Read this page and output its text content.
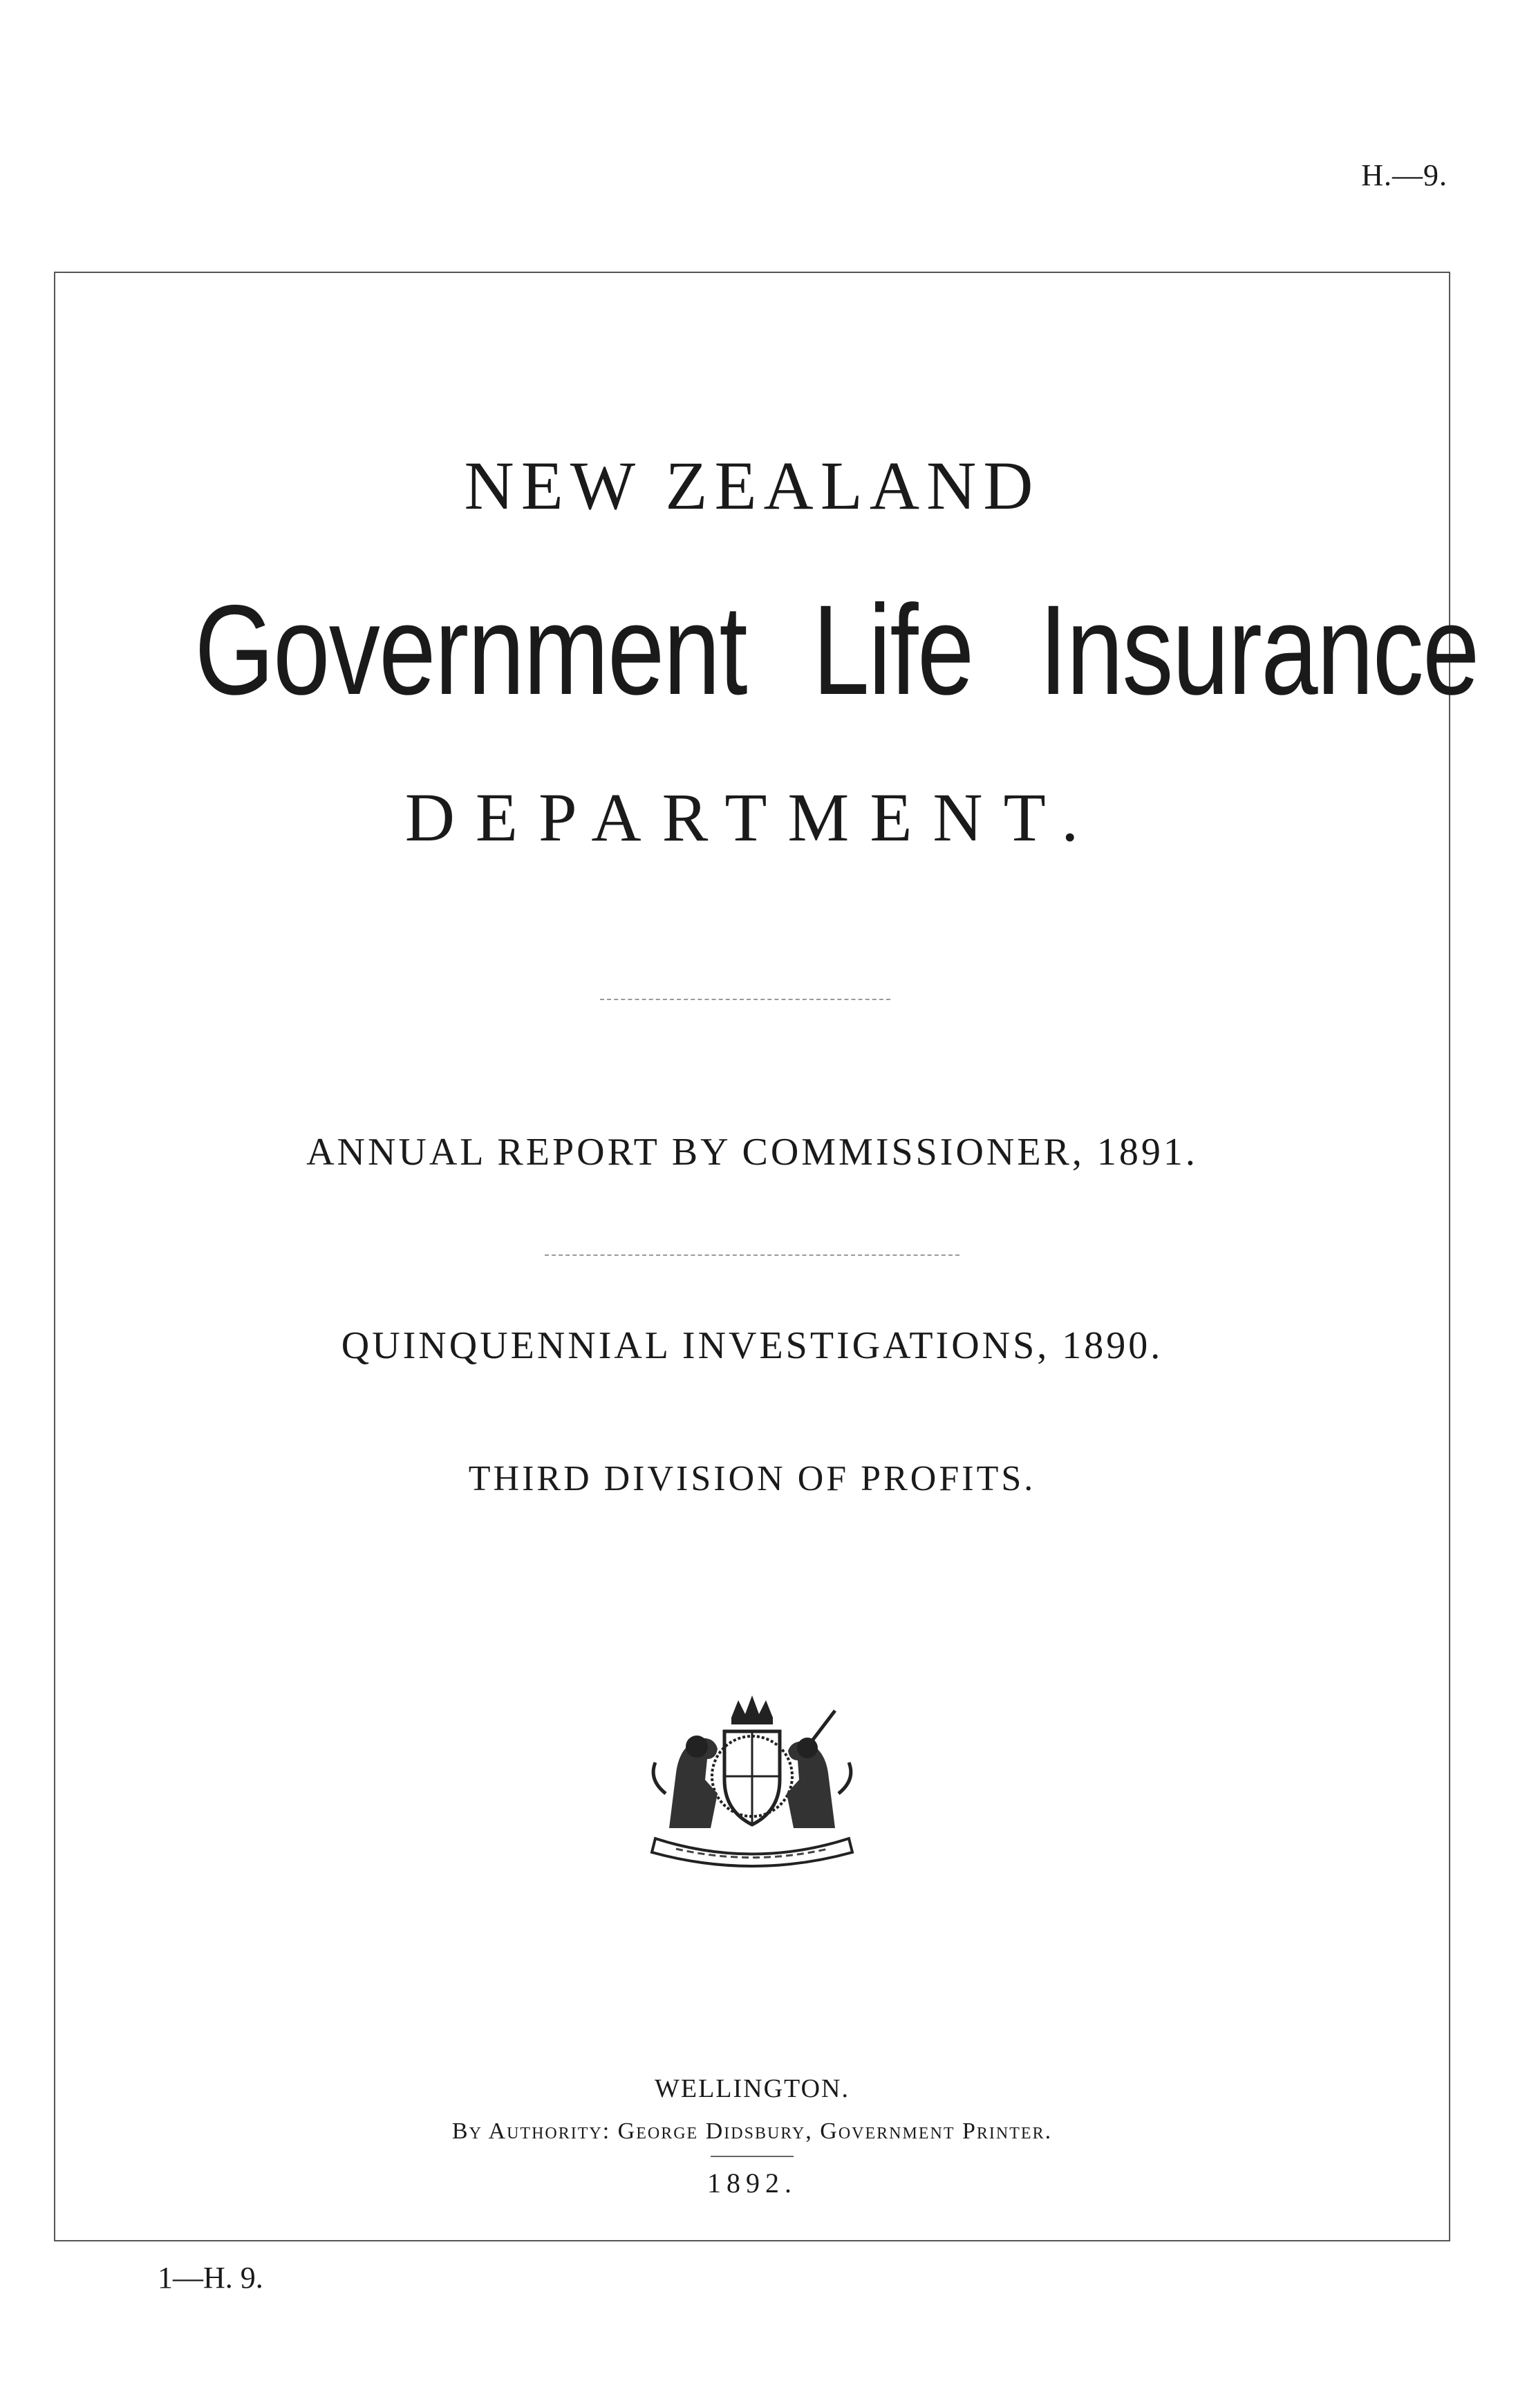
H.—9.
NEW ZEALAND
Government Life Insurance
DEPARTMENT.
ANNUAL REPORT BY COMMISSIONER, 1891.
QUINQUENNIAL INVESTIGATIONS, 1890.
THIRD DIVISION OF PROFITS.
WELLINGTON.
By Authority: George Didsbury, Government Printer.
1892.
1—H. 9.
